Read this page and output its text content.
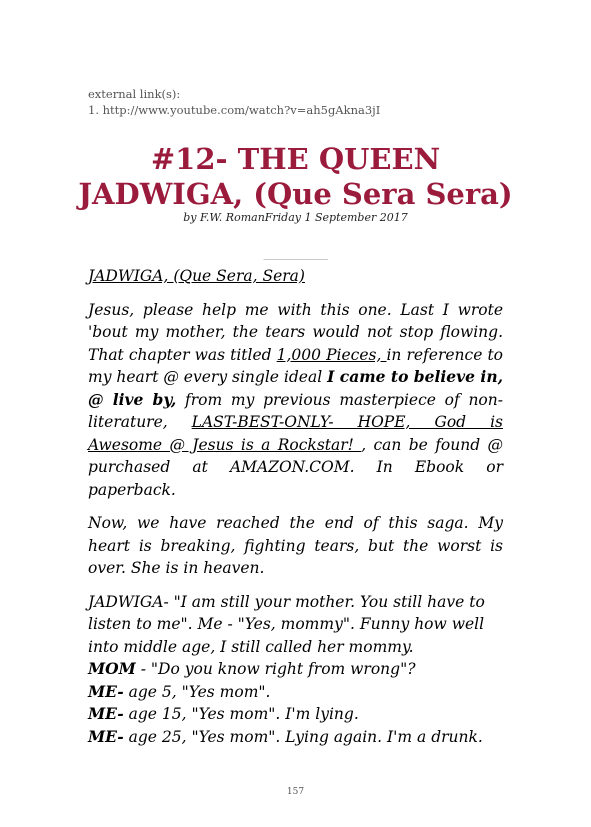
external link(s):
1. http://www.youtube.com/watch?v=ah5gAkna3jI
#12- THE QUEEN
JADWIGA, (Que Sera Sera)
by F.W. RomanFriday 1 September 2017
________________

JADWIGA, (Que Sera, Sera)

Jesus, please help me with this one. Last I wrote 'bout my mother, the tears would not stop flowing. That chapter was titled 1,000 Pieces, in reference to my heart @ every single ideal I came to believe in, @ live by, from my previous masterpiece of non-literature, LAST-BEST-ONLY- HOPE, God is Awesome @ Jesus is a Rockstar! , can be found @ purchased at AMAZON.COM. In Ebook or paperback.

Now, we have reached the end of this saga. My heart is breaking, fighting tears, but the worst is over. She is in heaven.

JADWIGA- "I am still your mother. You still have to listen to me". Me - "Yes, mommy". Funny how well into middle age, I still called her mommy.
MOM - "Do you know right from wrong"?
ME- age 5, "Yes mom".
ME- age 15, "Yes mom". I'm lying.
ME- age 25, "Yes mom". Lying again. I'm a drunk.

157
